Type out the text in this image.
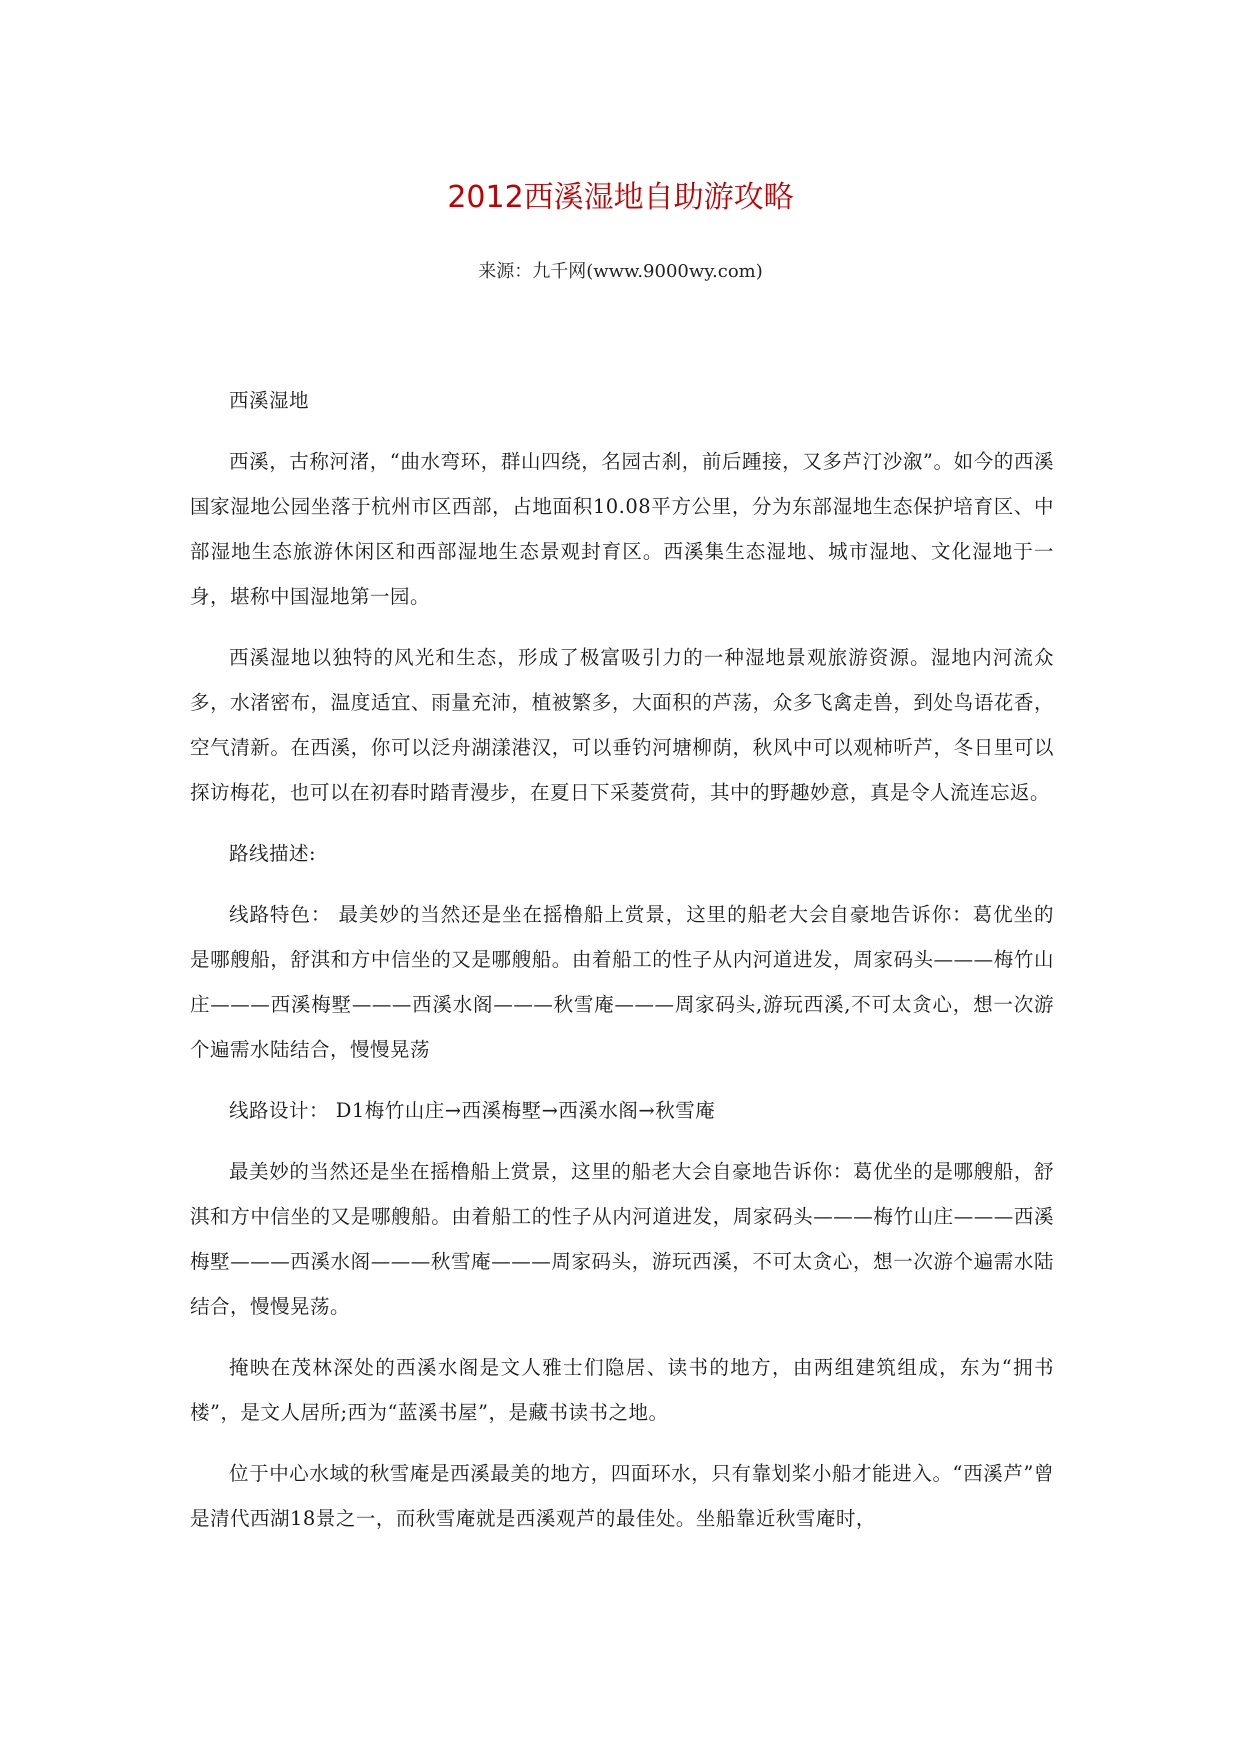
2012西溪湿地自助游攻略
来源：九千网(www.9000wy.com)

西溪湿地

西溪，古称河渚，“曲水弯环，群山四绕，名园古刹，前后踵接，又多芦汀沙溆”。如今的西溪国家湿地公园坐落于杭州市区西部，占地面积10.08平方公里，分为东部湿地生态保护培育区、中部湿地生态旅游休闲区和西部湿地生态景观封育区。西溪集生态湿地、城市湿地、文化湿地于一身，堪称中国湿地第一园。

西溪湿地以独特的风光和生态，形成了极富吸引力的一种湿地景观旅游资源。湿地内河流众多，水渚密布，温度适宜、雨量充沛，植被繁多，大面积的芦荡，众多飞禽走兽，到处鸟语花香，空气清新。在西溪，你可以泛舟湖漾港汉，可以垂钓河塘柳荫，秋风中可以观柿听芦，冬日里可以探访梅花，也可以在初春时踏青漫步，在夏日下采菱赏荷，其中的野趣妙意，真是令人流连忘返。

路线描述:

线路特色： 最美妙的当然还是坐在摇橹船上赏景，这里的船老大会自豪地告诉你：葛优坐的是哪艘船，舒淇和方中信坐的又是哪艘船。由着船工的性子从内河道进发，周家码头———梅竹山庄———西溪梅墅———西溪水阁———秋雪庵———周家码头,游玩西溪,不可太贪心，想一次游个遍需水陆结合，慢慢晃荡

线路设计： D1梅竹山庄→西溪梅墅→西溪水阁→秋雪庵

最美妙的当然还是坐在摇橹船上赏景，这里的船老大会自豪地告诉你：葛优坐的是哪艘船，舒淇和方中信坐的又是哪艘船。由着船工的性子从内河道进发，周家码头———梅竹山庄———西溪梅墅———西溪水阁———秋雪庵———周家码头，游玩西溪，不可太贪心，想一次游个遍需水陆结合，慢慢晃荡。

掩映在茂林深处的西溪水阁是文人雅士们隐居、读书的地方，由两组建筑组成，东为“拥书楼”，是文人居所;西为“蓝溪书屋”，是藏书读书之地。

位于中心水域的秋雪庵是西溪最美的地方，四面环水，只有靠划桨小船才能进入。“西溪芦”曾是清代西湖18景之一，而秋雪庵就是西溪观芦的最佳处。坐船靠近秋雪庵时，
